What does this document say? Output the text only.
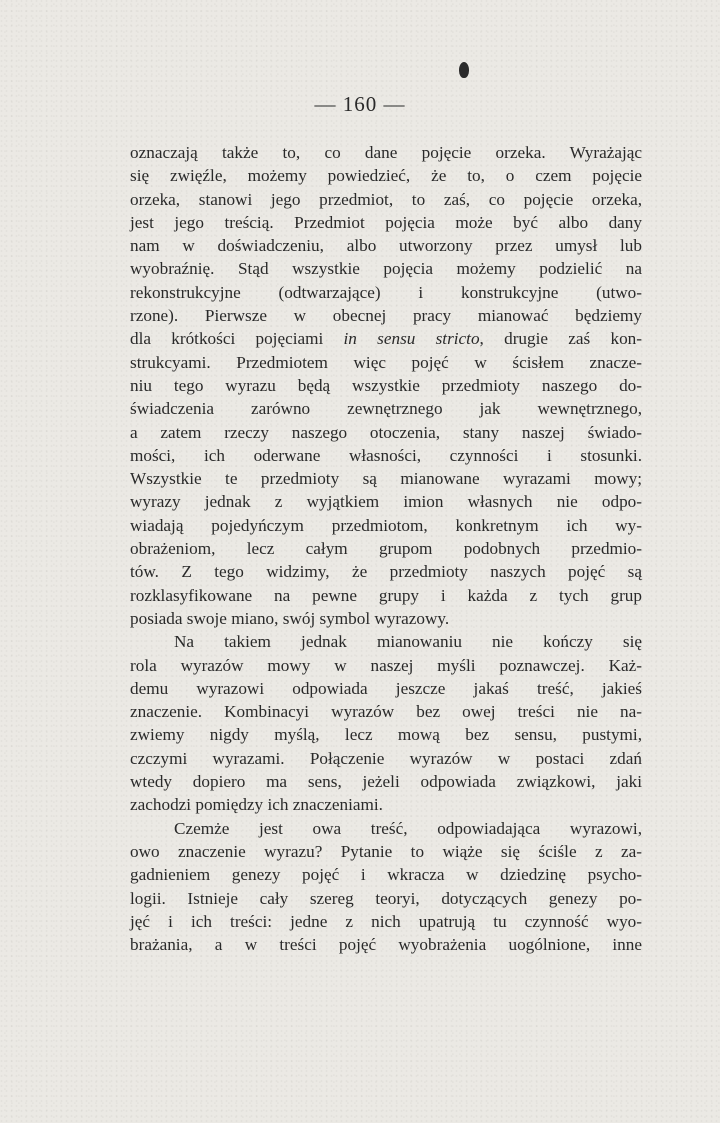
— 160 —
oznaczają także to, co dane pojęcie orzeka. Wyrażając
się zwięźle, możemy powiedzieć, że to, o czem pojęcie
orzeka, stanowi jego przedmiot, to zaś, co pojęcie orzeka,
jest jego treścią. Przedmiot pojęcia może być albo dany
nam w doświadczeniu, albo utworzony przez umysł lub
wyobraźnię. Stąd wszystkie pojęcia możemy podzielić na
rekonstrukcyjne (odtwarzające) i konstrukcyjne (utwo-
rzone). Pierwsze w obecnej pracy mianować będziemy
dla krótkości pojęciami in sensu stricto, drugie zaś kon-
strukcyami. Przedmiotem więc pojęć w ścisłem znacze-
niu tego wyrazu będą wszystkie przedmioty naszego do-
świadczenia zarówno zewnętrznego jak wewnętrznego,
a zatem rzeczy naszego otoczenia, stany naszej świado-
mości, ich oderwane własności, czynności i stosunki.
Wszystkie te przedmioty są mianowane wyrazami mowy;
wyrazy jednak z wyjątkiem imion własnych nie odpo-
wiadają pojedyńczym przedmiotom, konkretnym ich wy-
obrażeniom, lecz całym grupom podobnych przedmio-
tów. Z tego widzimy, że przedmioty naszych pojęć są
rozklasyfikowane na pewne grupy i każda z tych grup
posiada swoje miano, swój symbol wyrazowy.
Na takiem jednak mianowaniu nie kończy się
rola wyrazów mowy w naszej myśli poznawczej. Każ-
demu wyrazowi odpowiada jeszcze jakaś treść, jakieś
znaczenie. Kombinacyi wyrazów bez owej treści nie na-
zwiemy nigdy myślą, lecz mową bez sensu, pustymi,
czczymi wyrazami. Połączenie wyrazów w postaci zdań
wtedy dopiero ma sens, jeżeli odpowiada związkowi, jaki
zachodzi pomiędzy ich znaczeniami.
Czemże jest owa treść, odpowiadająca wyrazowi,
owo znaczenie wyrazu? Pytanie to wiąże się ściśle z za-
gadnieniem genezy pojęć i wkracza w dziedzinę psycho-
logii. Istnieje cały szereg teoryi, dotyczących genezy po-
jęć i ich treści: jedne z nich upatrują tu czynność wyo-
brażania, a w treści pojęć wyobrażenia uogólnione, inne
